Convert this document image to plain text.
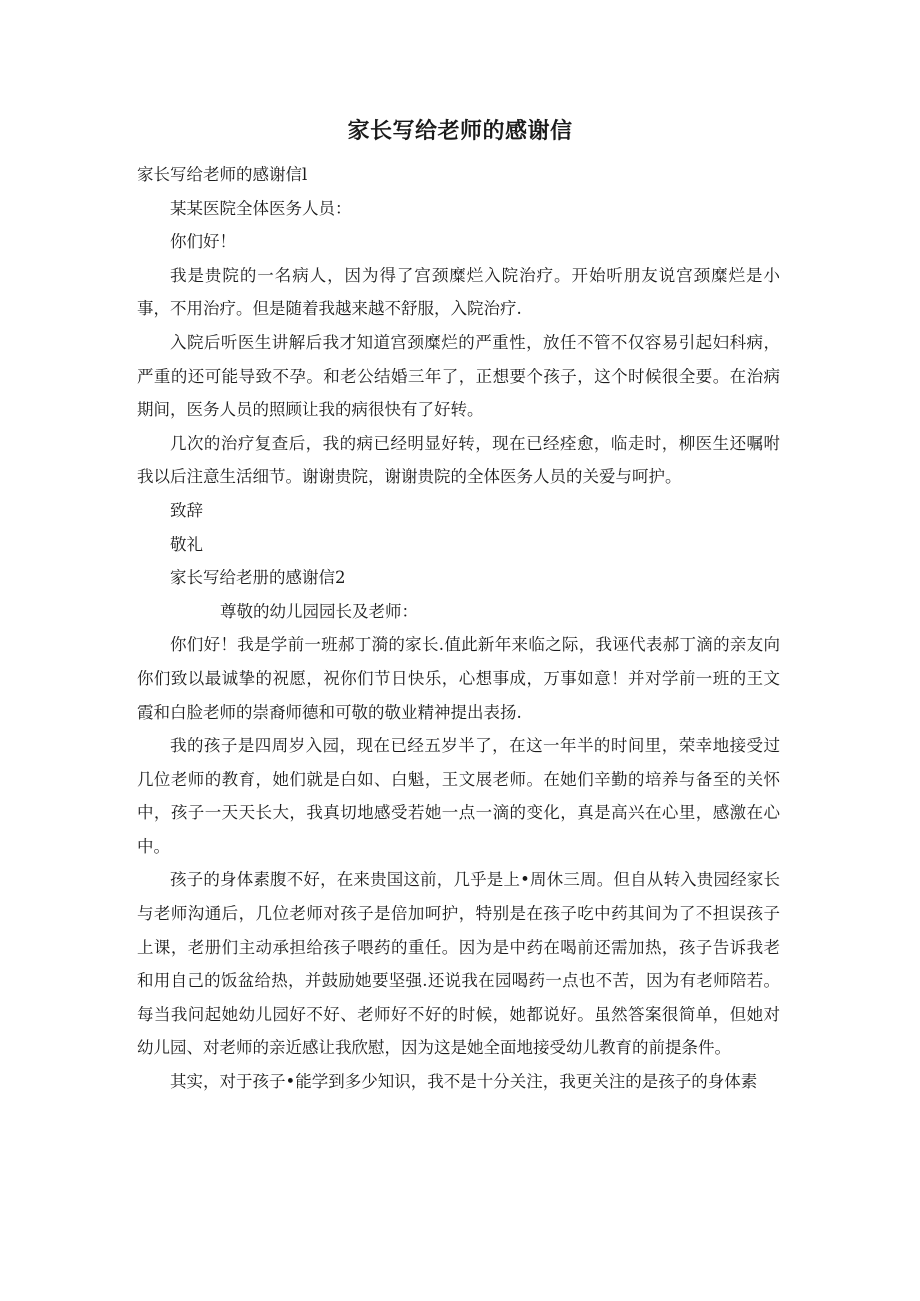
家长写给老师的感谢信

家长写给老师的感谢信l

某某医院全体医务人员：

你们好！

我是贵院的一名病人，因为得了宫颈糜烂入院治疗。开始听朋友说宫颈糜烂是小事，不用治疗。但是随着我越来越不舒服，入院治疗.

入院后听医生讲解后我才知道宫颈糜烂的严重性，放任不管不仅容易引起妇科病，严重的还可能导致不孕。和老公结婚三年了，正想要个孩子，这个时候很全要。在治病期间，医务人员的照顾让我的病很快有了好转。

几次的治疗复查后，我的病已经明显好转，现在已经痊愈，临走时，柳医生还嘱咐我以后注意生活细节。谢谢贵院，谢谢贵院的全体医务人员的关爱与呵护。

致辞

敬礼

家长写给老册的感谢信2

尊敬的幼儿园园长及老师：

你们好！我是学前一班郝丁漪的家长.值此新年来临之际，我诬代表郝丁滴的亲友向你们致以最诚挚的祝愿，祝你们节日快乐，心想事成，万事如意！并对学前一班的王文霞和白脸老师的崇裔师德和可敬的敬业精神提出表扬.

我的孩子是四周岁入园，现在已经五岁半了，在这一年半的时间里，荣幸地接受过几位老师的教育，她们就是白如、白魁，王文展老师。在她们辛勤的培养与备至的关怀中，孩子一天天长大，我真切地感受若她一点一滴的变化，真是高兴在心里，感激在心中。

孩子的身体素腹不好，在来贵国这前，几乎是上•周休三周。但自从转入贵园经家长与老师沟通后，几位老师对孩子是倍加呵护，特别是在孩子吃中药其间为了不担误孩子上课，老册们主动承担给孩子喂药的重任。因为是中药在喝前还需加热，孩子告诉我老和用自己的饭盆给热，并鼓励她要坚强.还说我在园喝药一点也不苦，因为有老师陪若。每当我问起她幼儿园好不好、老师好不好的时候，她都说好。虽然答案很简单，但她对幼儿园、对老师的亲近感让我欣慰，因为这是她全面地接受幼儿教育的前提条件。

其实，对于孩子•能学到多少知识，我不是十分关注，我更关注的是孩子的身体素
